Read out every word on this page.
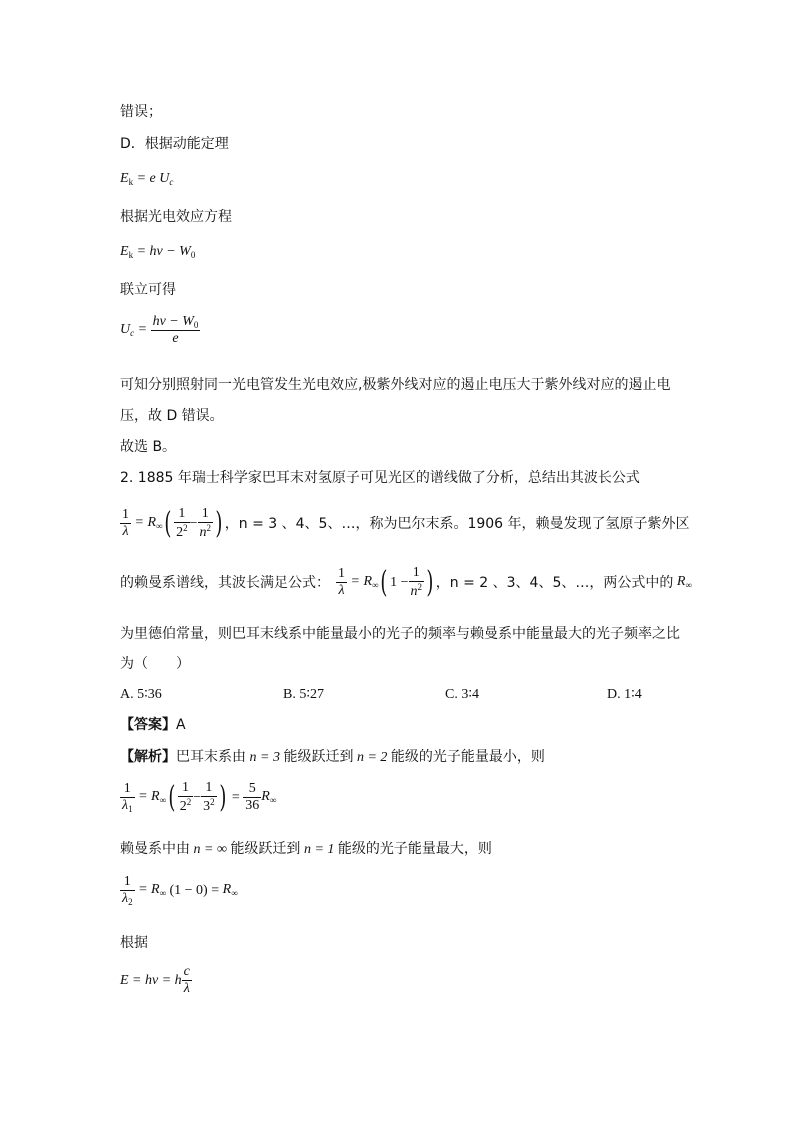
错误；
D．根据动能定理
$E_k = e$ $U_c$
根据光电效应方程
$E_k = h\nu - W_0$
联立可得
$U_c = \frac{h\nu - W_0}{e}$
可知分别照射同一光电管发生光电效应,极紫外线对应的遏止电压大于紫外线对应的遏止电
压，故 D 错误。
故选 B。
2. 1885 年瑞士科学家巴耳末对氢原子可见光区的谱线做了分析，总结出其波长公式
$\frac{1}{\lambda} = R_\infty$ ( $\frac{1}{2^2} - \frac{1}{n^2}$ ) ，n = 3 、4、5、…，称为巴尔末系。1906 年，赖曼发现了氢原子紫外区
的赖曼系谱线，其波长满足公式： $\frac{1}{\lambda} = R_\infty$ ( $1 - \frac{1}{n^2}$ ) ，n = 2 、3、4、5、…，两公式中的 $R_\infty$
为里德伯常量，则巴耳末线系中能量最小的光子的频率与赖曼系中能量最大的光子频率之比
为（　　）
A. 5∶36	B. 5∶27	C. 3∶4	D. 1∶4
【答案】A
【解析】巴耳末系由 n = 3 能级跃迁到 n = 2 能级的光子能量最小，则
$\frac{1}{\lambda_1} = R_\infty$ ( $\frac{1}{2^2} - \frac{1}{3^2}$ ) = $\frac{5}{36} R_\infty$
赖曼系中由 n = ∞ 能级跃迁到 n = 1 能级的光子能量最大，则
$\frac{1}{\lambda_2} = R_\infty$ $(1 - 0) = R_\infty$
根据
E = hν = h $\frac{c}{\lambda}$
